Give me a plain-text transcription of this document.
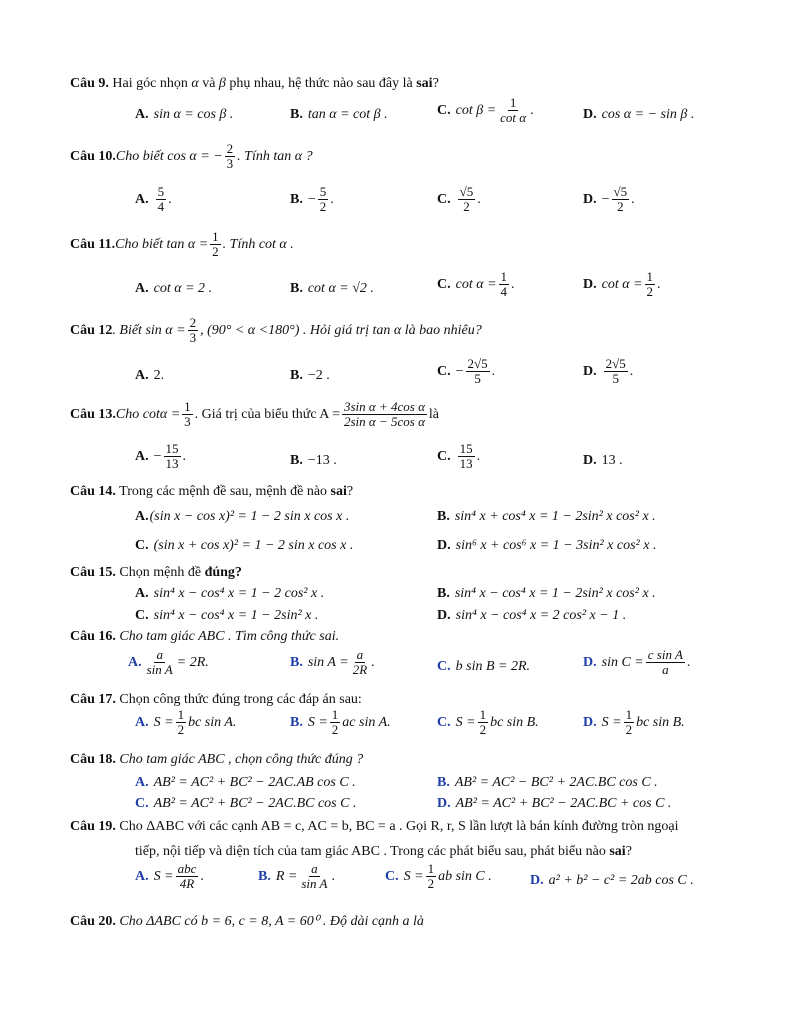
Câu 9. Hai góc nhọn α và β phụ nhau, hệ thức nào sau đây là sai?
A. sin α = cos β .	B. tan α = cot β .	C. $\cot \beta = \frac{1}{\text{cot α}}$ .	D. cos α = − sin β .
Câu 10. Cho biết cos α = − $\frac{2}{3}$ . Tính tan α ?
A. $\frac{5}{4}$ .	B. − $\frac{5}{2}$ .	C. $\frac{√5}{2}$ .	D. − $\frac{√5}{2}$ .
Câu 11. Cho biết $\tan \alpha = \frac{1}{2}$ . Tính cot α .
A. cot α = 2 .	B. cot α = √2 .	C. $\cot \alpha = \frac{1}{4}$ .	D. $\cot \alpha = \frac{1}{2}$ .
Câu 12 . Biết $\sin \alpha = \frac{2}{3}$ , (90° < α <180°) . Hỏi giá trị tan α là bao nhiêu?
A. 2.	B. −2 .	C. − $\frac{2√5}{5}$ .	D. $\frac{2√5}{5}$ .
Câu 13. Cho $\cot\alpha = \frac{1}{3}$ . Giá trị của biểu thức $A = \frac{\text{3sin α + 4cos α}}{\text{2sin α − 5cos α}}$ là
A. − $\frac{15}{13}$ .	B. −13 .	C. $\frac{15}{13}$ .	D. 13 .
Câu 14. Trong các mệnh đề sau, mệnh đề nào sai?
A. (sin x − cos x)² = 1 − 2 sin x cos x .	B. sin⁴ x + cos⁴ x = 1 − 2sin² x cos² x .
C. (sin x + cos x)² = 1 − 2 sin x cos x .	D. sin⁶ x + cos⁶ x = 1 − 3sin² x cos² x .
Câu 15. Chọn mệnh đề đúng?
A. sin⁴ x − cos⁴ x = 1 − 2 cos² x .	B. sin⁴ x − cos⁴ x = 1 − 2sin² x cos² x .
C. sin⁴ x − cos⁴ x = 1 − 2sin² x .	D. sin⁴ x − cos⁴ x = 2 cos² x − 1 .
Câu 16. Cho tam giác ABC . Tìm công thức sai.
A. $\frac{a}{\text{sin A}} = 2R$.	B. $\sin A = \frac{a}{2R}$ .	C. b sin B = 2R.	D. $\sin C = \frac{\text{c sin A}}{a}$ .
Câu 17. Chọn công thức đúng trong các đáp án sau:
A. $S = \frac{1}{2}$ bc sin A.	B. $S = \frac{1}{2}$ ac sin A.	C. $S = \frac{1}{2}$ bc sin B.	D. $S = \frac{1}{2}$ bc sin B.
Câu 18. Cho tam giác ABC , chọn công thức đúng ?
A. AB² = AC² + BC² − 2AC.AB cos C .	B. AB² = AC² − BC² + 2AC.BC cos C .
C. AB² = AC² + BC² − 2AC.BC cos C .	D. AB² = AC² + BC² − 2AC.BC + cos C .
Câu 19. Cho ΔABC với các cạnh AB = c, AC = b, BC = a . Gọi R, r, S lần lượt là bán kính đường tròn ngoại
tiếp, nội tiếp và diện tích của tam giác ABC . Trong các phát biểu sau, phát biểu nào sai?
A. $S = \frac{\text{abc}}{4R}$ .	B. $R = \frac{a}{\text{sin A}}$ .	C. $S = \frac{1}{2}$ ab sin C .	D. a² + b² − c² = 2ab cos C .
Câu 20. Cho ΔABC có b = 6, c = 8, A = 60⁰ . Độ dài cạnh a là
